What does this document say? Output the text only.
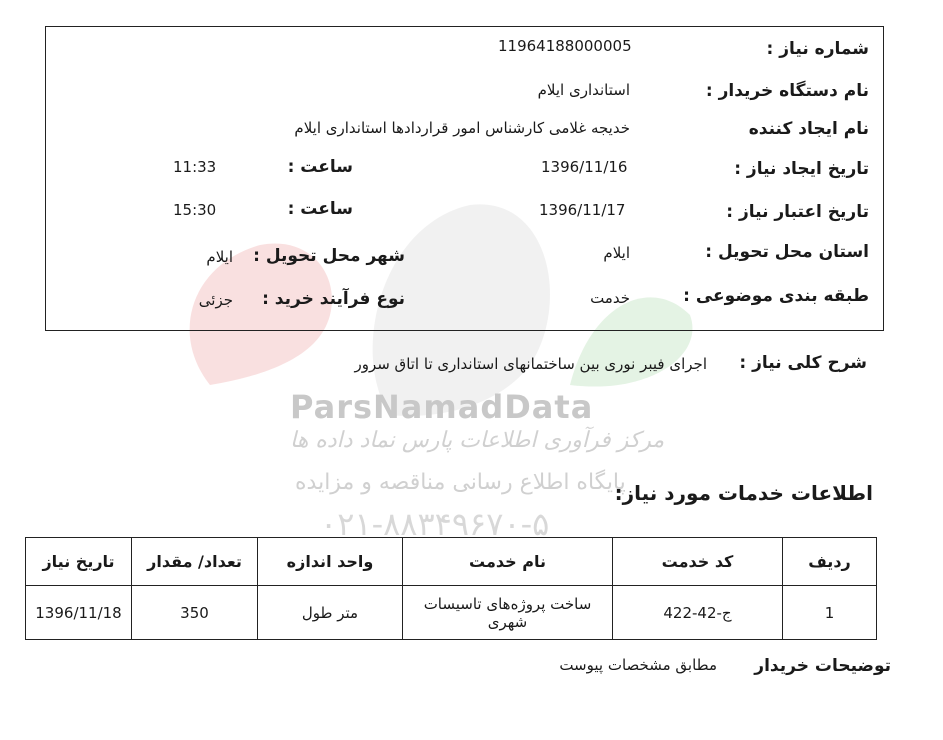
ParsNamadData
مرکز فرآوری اطلاعات پارس نماد داده ها
پایگاه اطلاع رسانی مناقصه و مزایده
۰۲۱-۸۸۳۴۹۶۷۰-۵
شماره نیاز :
11964188000005
نام دستگاه خریدار :
استانداری ایلام
نام ایجاد کننده
خدیجه غلامی کارشناس امور قراردادها استانداری ایلام
تاریخ ایجاد نیاز :
1396/11/16
ساعت :
11:33
تاریخ اعتبار نیاز :
1396/11/17
ساعت :
15:30
استان محل تحویل :
ایلام
شهر محل تحویل :
ایلام
طبقه بندی موضوعی :
خدمت
نوع فرآیند خرید :
جزئی
شرح کلی نیاز :
اجرای فیبر نوری بین ساختمانهای استانداری تا اتاق سرور
اطلاعات خدمات مورد نیاز:
ردیف	کد خدمت	نام خدمت	واحد اندازه	تعداد/ مقدار	تاریخ نیاز
1	ج-42-422	ساخت پروژه‌های تاسیسات شهری	متر طول	350	1396/11/18
توضیحات خریدار
مطابق مشخصات پیوست
